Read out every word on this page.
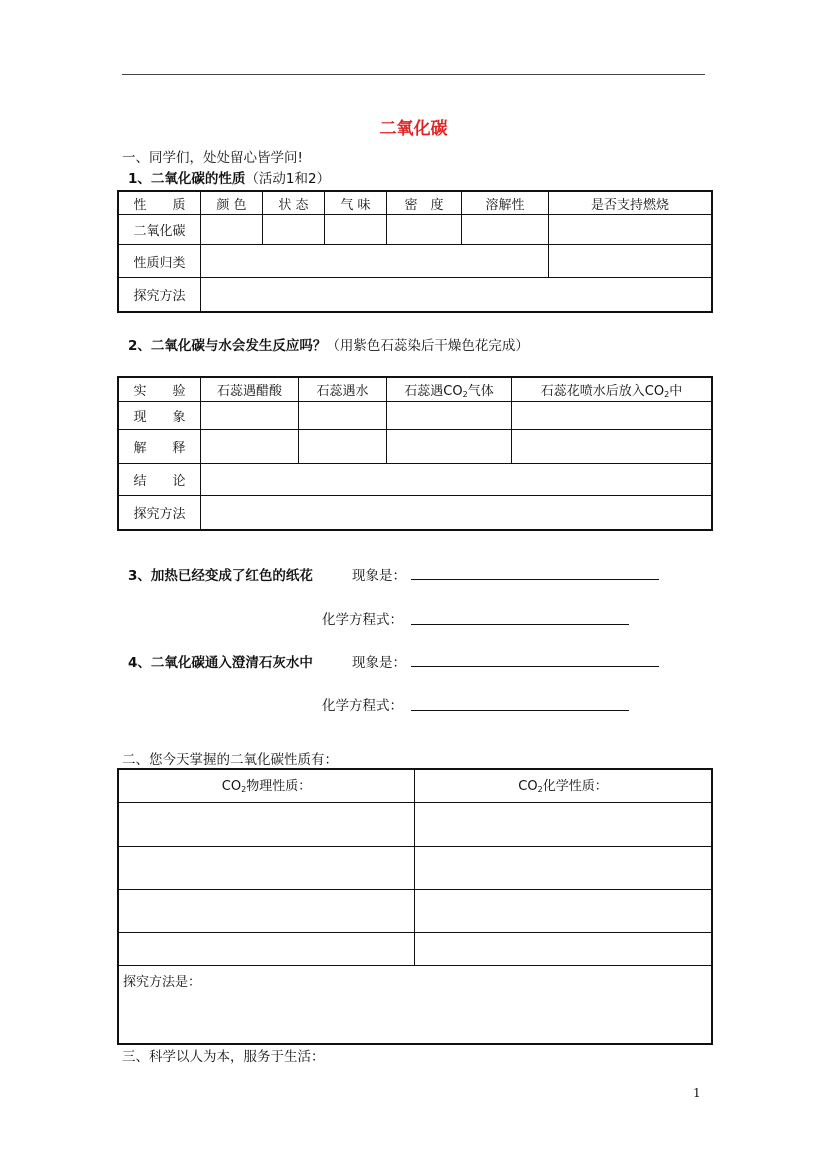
二氧化碳
一、同学们，处处留心皆学问!
1、二氧化碳的性质（活动1和2）
性　　质	颜 色	状 态	气 味	密　度	溶解性	是否支持燃烧
二氧化碳						
性质归类						
探究方法						
2、二氧化碳与水会发生反应吗？（用紫色石蕊染后干燥色花完成）
实　　验	石蕊遇醋酸	石蕊遇水	石蕊遇$CO_2$气体	石蕊花喷水后放入$CO_2$中
现　　象				
解　　释				
结　　论				
探究方法				
3、加热已经变成了红色的纸花	现象是：
化学方程式：
4、二氧化碳通入澄清石灰水中	现象是：
化学方程式：
二、您今天掌握的二氧化碳性质有：
$CO_2$物理性质：	$CO_2$化学性质：

探究方法是：	
三、科学以人为本，服务于生活：
1
